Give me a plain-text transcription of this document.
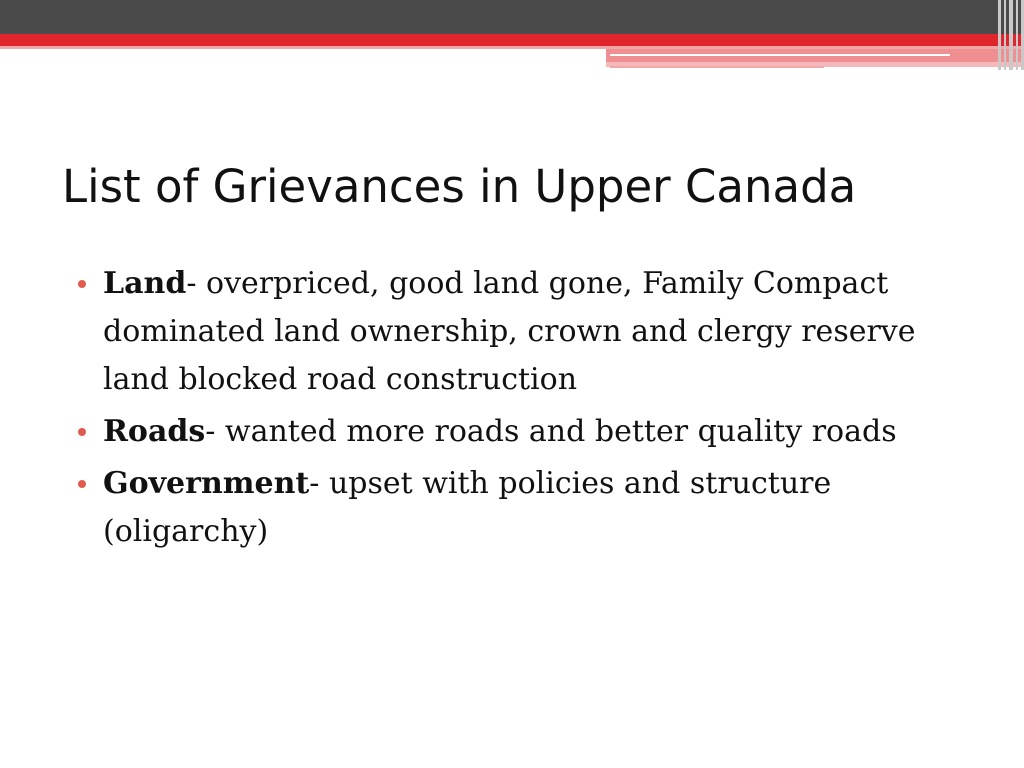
List of Grievances in Upper Canada
Land- overpriced, good land gone, Family Compact dominated land ownership, crown and clergy reserve land blocked road construction
Roads- wanted more roads and better quality roads
Government- upset with policies and structure (oligarchy)
